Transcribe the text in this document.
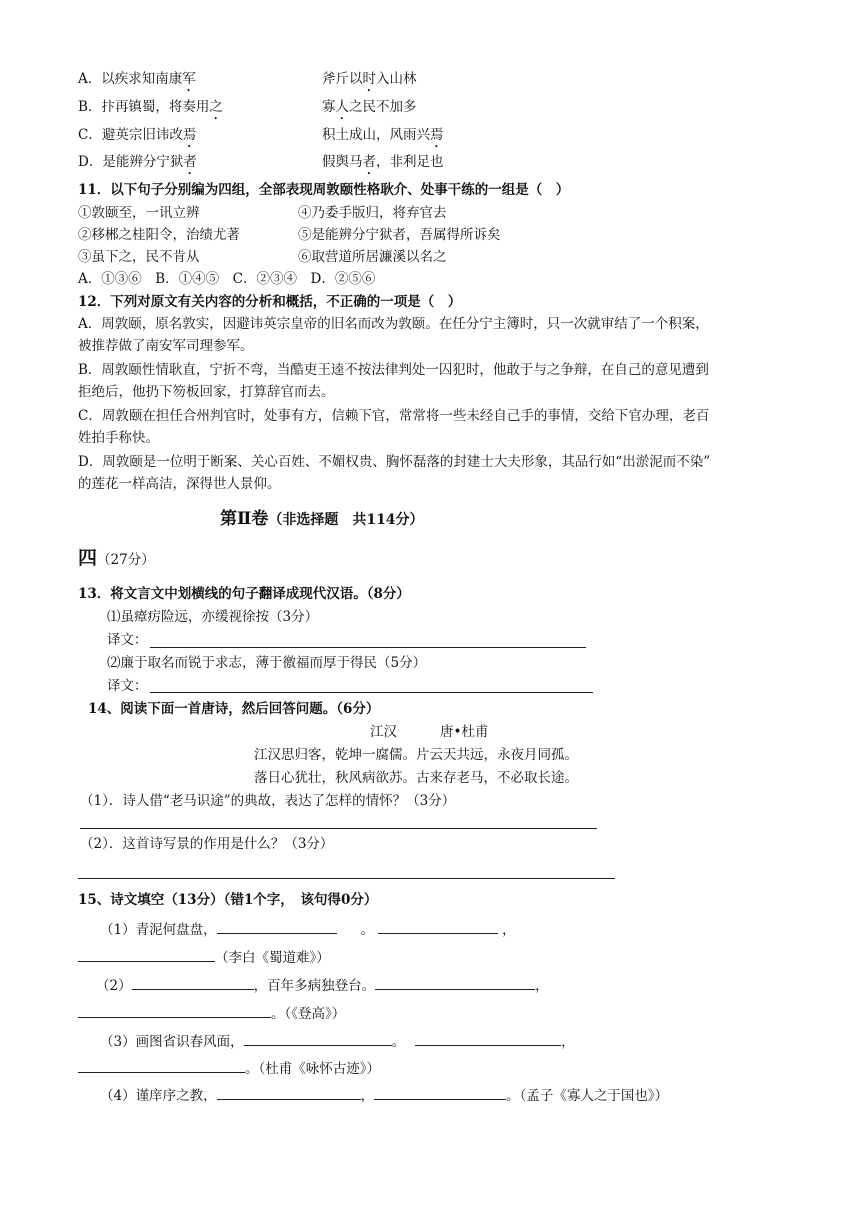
A．以疾求知南康军	斧斤以时入山林
B．抃再镇蜀，将奏用之	寡人之民不加多
C．避英宗旧讳改焉	积土成山，风雨兴焉
D．是能辨分宁狱者	假舆马者，非利足也
11．以下句子分别编为四组，全部表现周敦颐性格耿介、处事干练的一组是（　）
①敦颐至，一讯立辨	④乃委手版归，将弃官去
②移郴之桂阳令，治绩尤著	⑤是能辨分宁狱者，吾属得所诉矣
③虽下之，民不肯从	⑥取营道所居濂溪以名之
A．①③⑥　B．①④⑤　C．②③④　D．②⑤⑥
12．下列对原文有关内容的分析和概括，不正确的一项是（　）
A．周敦颐，原名敦实，因避讳英宗皇帝的旧名而改为敦颐。在任分宁主簿时，只一次就审结了一个积案，
被推荐做了南安军司理参军。
B．周敦颐性情耿直，宁折不弯，当酷吏王逵不按法律判处一囚犯时，他敢于与之争辩，在自己的意见遭到
拒绝后，他扔下笏板回家，打算辞官而去。
C．周敦颐在担任合州判官时，处事有方，信赖下官，常常将一些未经自己手的事情，交给下官办理，老百
姓拍手称快。
D．周敦颐是一位明于断案、关心百姓、不媚权贵、胸怀磊落的封建士大夫形象，其品行如“出淤泥而不染”
的莲花一样高洁，深得世人景仰。
第Ⅱ卷（非选择题　共114分）
四（27分）
13．将文言文中划横线的句子翻译成现代汉语。（8分）
⑴虽瘴疠险远，亦缓视徐按（3分）
译文：
⑵廉于取名而锐于求志，薄于徼福而厚于得民（5分）
译文：
14、阅读下面一首唐诗，然后回答问题。（6分）
江汉	唐•杜甫
江汉思归客，乾坤一腐儒。片云天共远，永夜月同孤。
落日心犹壮，秋风病欲苏。古来存老马，不必取长途。
（1）．诗人借“老马识途”的典故，表达了怎样的情怀？（3分）
（2）．这首诗写景的作用是什么？（3分）
15、诗文填空（13分）（错1个字，　该句得0分）
（1）青泥何盘盘，	。	，
（李白《蜀道难》）
（2）	，百年多病独登台。	，
。（《登高》）
（3）画图省识春风面，	。	，
。（杜甫《咏怀古迹》）
（4）谨庠序之教，	，	。（孟子《寡人之于国也》）
